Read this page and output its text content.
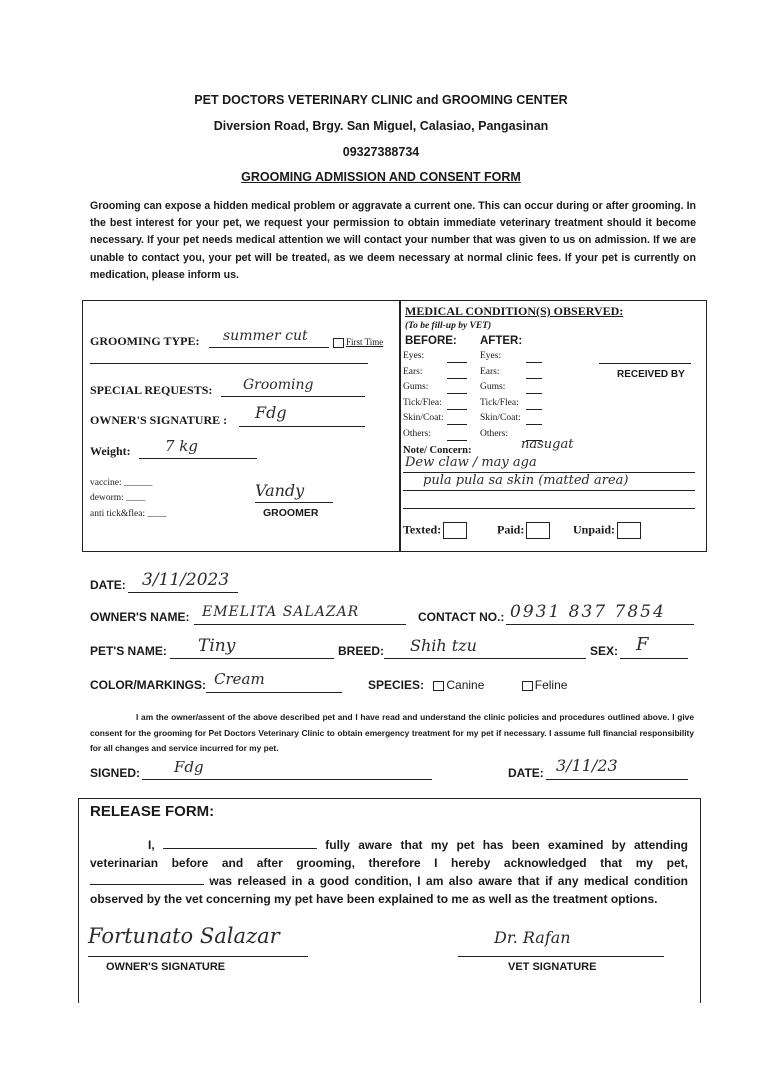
PET DOCTORS VETERINARY CLINIC and GROOMING CENTER
Diversion Road, Brgy. San Miguel, Calasiao, Pangasinan
09327388734
GROOMING ADMISSION AND CONSENT FORM
Grooming can expose a hidden medical problem or aggravate a current one. This can occur during or after grooming. In the best interest for your pet, we request your permission to obtain immediate veterinary treatment should it become necessary. If your pet needs medical attention we will contact your number that was given to us on admission. If we are unable to contact you, your pet will be treated, as we deem necessary at normal clinic fees. If your pet is currently on medication, please inform us.
GROOMING TYPE: summer cut	First Time
SPECIAL REQUESTS: Grooming
OWNER'S SIGNATURE : Fdg
Weight: 7 kg
vaccine: ______
deworm: ____
anti tick&flea: ____
Vandy
GROOMER
MEDICAL CONDITION(S) OBSERVED:
(To be fill-up by VET)
BEFORE: AFTER:
Eyes:	Eyes:
Ears:	Ears:
Gums:	Gums:
Tick/Flea:	Tick/Flea:
Skin/Coat:	Skin/Coat:
Others:	Others:
RECEIVED BY
Note/ Concern:	nasugat
Dew claw / may aga
pula pula sa skin (matted area)
Texted:	Paid:	Unpaid:
DATE: 3/11/2023
OWNER'S NAME: EMELITA SALAZAR	CONTACT NO.: 0931 837 7854
PET'S NAME: Tiny	BREED: Shih tzu	SEX: F
COLOR/MARKINGS: Cream	SPECIES: Canine	Feline
I am the owner/assent of the above described pet and I have read and understand the clinic policies and procedures outlined above. I give consent for the grooming for Pet Doctors Veterinary Clinic to obtain emergency treatment for my pet if necessary. I assume full financial responsibility for all changes and service incurred for my pet.
SIGNED: Fdg	DATE: 3/11/23
RELEASE FORM:
I,	fully aware that my pet has been examined by attending veterinarian before and after grooming, therefore I hereby acknowledged that my pet,  was released in a good condition, I am also aware that if any medical condition observed by the vet concerning my pet have been explained to me as well as the treatment options.
Fortunato Salazar
OWNER'S SIGNATURE
Dr. Rafan
VET SIGNATURE
